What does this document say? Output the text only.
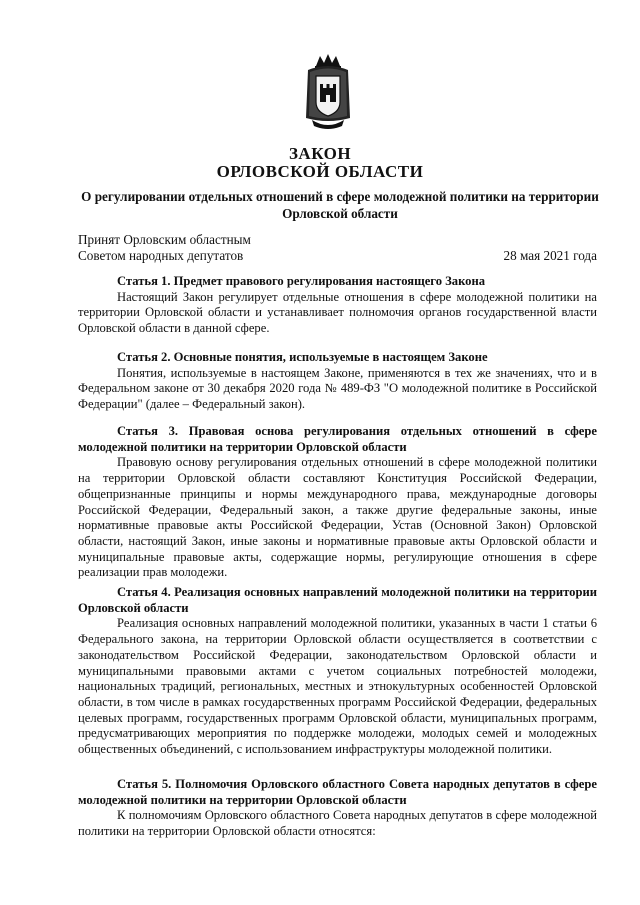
ЗАКОН
ОРЛОВСКОЙ ОБЛАСТИ
О регулировании отдельных отношений в сфере молодежной политики на территории Орловской области
Принят Орловским областным
Советом народных депутатов	28 мая 2021 года
Статья 1. Предмет правового регулирования настоящего Закона
Настоящий Закон регулирует отдельные отношения в сфере молодежной политики на территории Орловской области и устанавливает полномочия органов государственной власти Орловской области в данной сфере.
Статья 2. Основные понятия, используемые в настоящем Законе
Понятия, используемые в настоящем Законе, применяются в тех же значениях, что и в Федеральном законе от 30 декабря 2020 года № 489-ФЗ "О молодежной политике в Российской Федерации" (далее – Федеральный закон).
Статья 3. Правовая основа регулирования отдельных отношений в сфере молодежной политики на территории Орловской области
Правовую основу регулирования отдельных отношений в сфере молодежной политики на территории Орловской области составляют Конституция Российской Федерации, общепризнанные принципы и нормы международного права, международные договоры Российской Федерации, Федеральный закон, а также другие федеральные законы, иные нормативные правовые акты Российской Федерации, Устав (Основной Закон) Орловской области, настоящий Закон, иные законы и нормативные правовые акты Орловской области и муниципальные правовые акты, содержащие нормы, регулирующие отношения в сфере реализации прав молодежи.
Статья 4. Реализация основных направлений молодежной политики на территории Орловской области
Реализация основных направлений молодежной политики, указанных в части 1 статьи 6 Федерального закона, на территории Орловской области осуществляется в соответствии с законодательством Российской Федерации, законодательством Орловской области и муниципальными правовыми актами с учетом социальных потребностей молодежи, национальных традиций, региональных, местных и этнокультурных особенностей Орловской области, в том числе в рамках государственных программ Российской Федерации, федеральных целевых программ, государственных программ Орловской области, муниципальных программ, предусматривающих мероприятия по поддержке молодежи, молодых семей и молодежных общественных объединений, с использованием инфраструктуры молодежной политики.
Статья 5. Полномочия Орловского областного Совета народных депутатов в сфере молодежной политики на территории Орловской области
К полномочиям Орловского областного Совета народных депутатов в сфере молодежной политики на территории Орловской области относятся:
